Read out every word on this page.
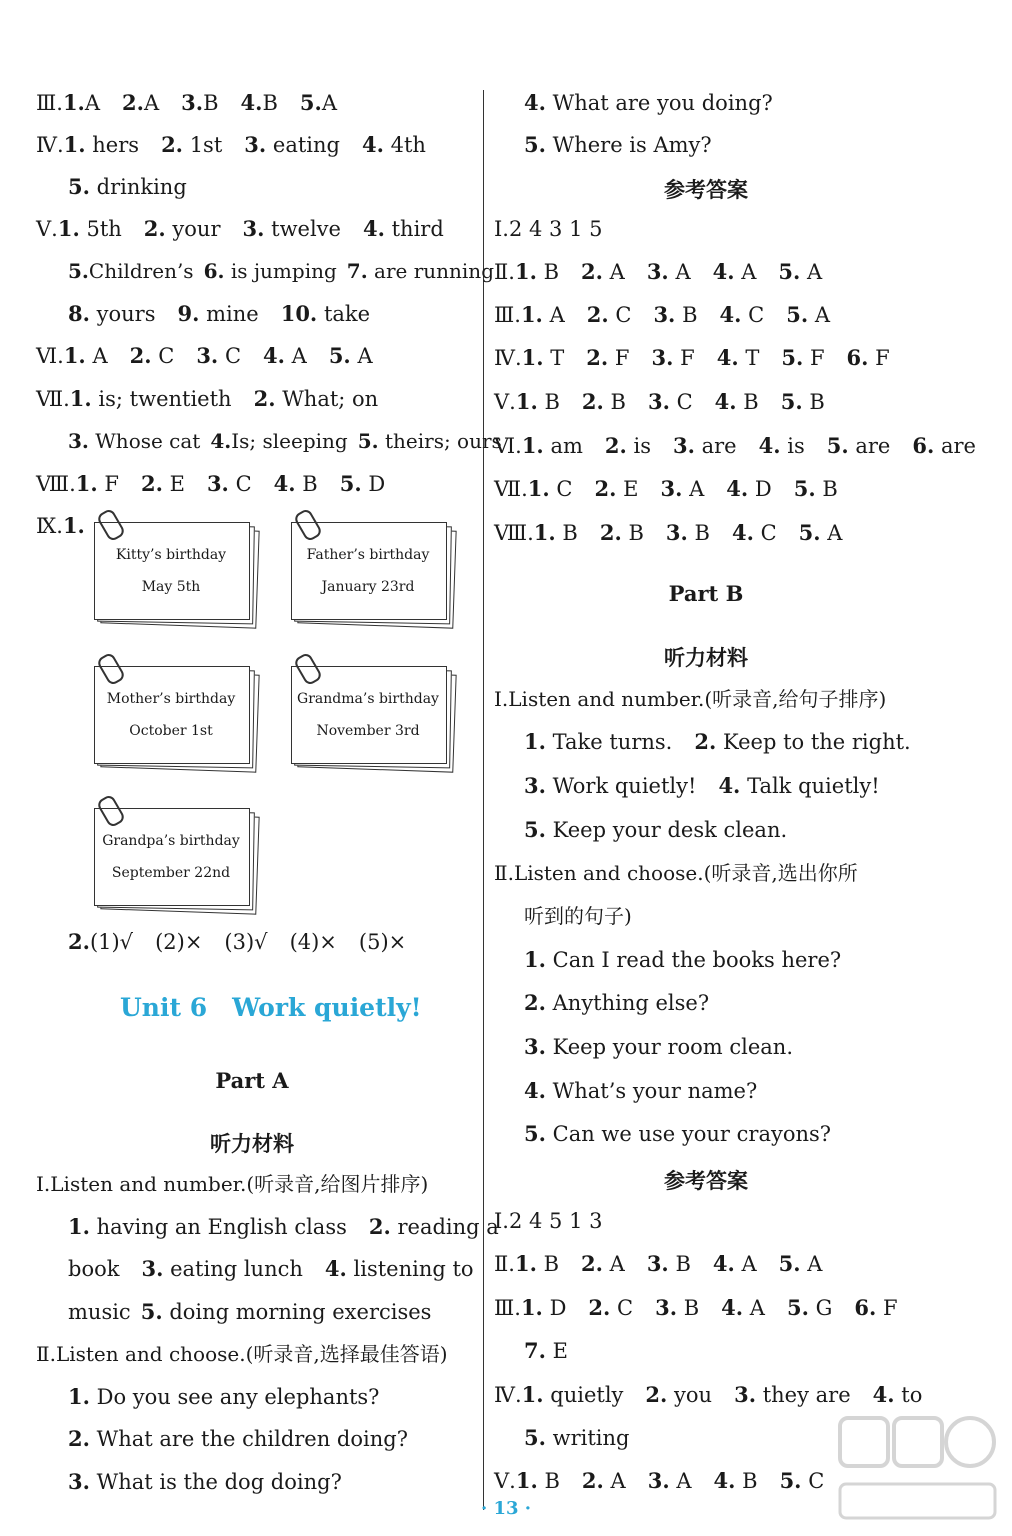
Ⅲ.1.A 2.A 3.B 4.B 5.A
Ⅳ.1. hers 2. 1st 3. eating 4. 4th
5. drinking
Ⅴ.1. 5th 2. your 3. twelve 4. third
5.Children’s 6. is jumping 7. are running
8. yours 9. mine 10. take
Ⅵ.1. A 2. C 3. C 4. A 5. A
Ⅶ.1. is; twentieth 2. What; on
3. Whose cat 4.Is; sleeping 5. theirs; ours
Ⅷ.1. F 2. E 3. C 4. B 5. D
Ⅸ.1.
Kitty’s birthday
May 5th
Father’s birthday
January 23rd
Mother’s birthday
October 1st
Grandma’s birthday
November 3rd
Grandpa’s birthday
September 22nd
2.(1)√ (2)× (3)√ (4)× (5)×
Unit 6　Work quietly!
Part A
听力材料
Ⅰ.Listen and number.(听录音,给图片排序)
1. having an English class 2. reading a
book 3. eating lunch 4. listening to
music 5. doing morning exercises
Ⅱ.Listen and choose.(听录音,选择最佳答语)
1. Do you see any elephants?
2. What are the children doing?
3. What is the dog doing?
4. What are you doing?
5. Where is Amy?
参考答案
Ⅰ.2 4 3 1 5
Ⅱ.1. B 2. A 3. A 4. A 5. A
Ⅲ.1. A 2. C 3. B 4. C 5. A
Ⅳ.1. T 2. F 3. F 4. T 5. F 6. F
Ⅴ.1. B 2. B 3. C 4. B 5. B
Ⅵ.1. am 2. is 3. are 4. is 5. are 6. are
Ⅶ.1. C 2. E 3. A 4. D 5. B
Ⅷ.1. B 2. B 3. B 4. C 5. A
Part B
听力材料
Ⅰ.Listen and number.(听录音,给句子排序)
1. Take turns. 2. Keep to the right.
3. Work quietly! 4. Talk quietly!
5. Keep your desk clean.
Ⅱ.Listen and choose.(听录音,选出你所
听到的句子)
1. Can I read the books here?
2. Anything else?
3. Keep your room clean.
4. What’s your name?
5. Can we use your crayons?
参考答案
Ⅰ.2 4 5 1 3
Ⅱ.1. B 2. A 3. B 4. A 5. A
Ⅲ.1. D 2. C 3. B 4. A 5. G 6. F
7. E
Ⅳ.1. quietly 2. you 3. they are 4. to
5. writing
Ⅴ.1. B 2. A 3. A 4. B 5. C
· 13 ·
